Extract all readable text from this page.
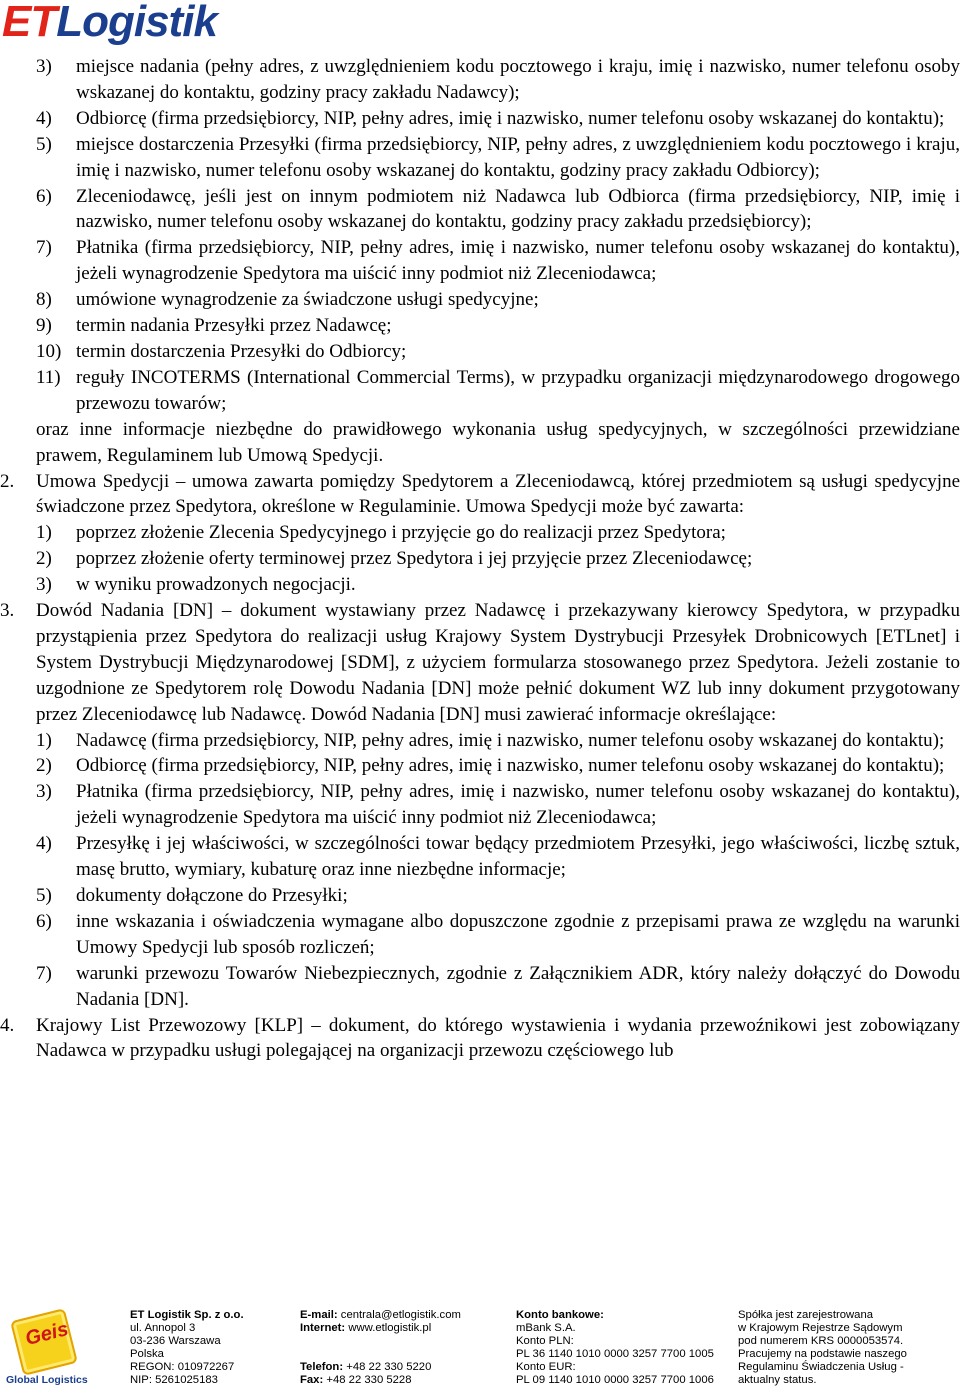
ETLogistik

3) miejsce nadania (pełny adres, z uwzględnieniem kodu pocztowego i kraju, imię i nazwisko, numer telefonu osoby wskazanej do kontaktu, godziny pracy zakładu Nadawcy);

4) Odbiorcę (firma przedsiębiorcy, NIP, pełny adres, imię i nazwisko, numer telefonu osoby wskazanej do kontaktu);

5) miejsce dostarczenia Przesyłki (firma przedsiębiorcy, NIP, pełny adres, z uwzględnieniem kodu pocztowego i kraju, imię i nazwisko, numer telefonu osoby wskazanej do kontaktu, godziny pracy zakładu Odbiorcy);

6) Zleceniodawcę, jeśli jest on innym podmiotem niż Nadawca lub Odbiorca (firma przedsiębiorcy, NIP, imię i nazwisko, numer telefonu osoby wskazanej do kontaktu, godziny pracy zakładu przedsiębiorcy);

7) Płatnika (firma przedsiębiorcy, NIP, pełny adres, imię i nazwisko, numer telefonu osoby wskazanej do kontaktu), jeżeli wynagrodzenie Spedytora ma uiścić inny podmiot niż Zleceniodawca;

8) umówione wynagrodzenie za świadczone usługi spedycyjne;

9) termin nadania Przesyłki przez Nadawcę;

10) termin dostarczenia Przesyłki do Odbiorcy;

11) reguły INCOTERMS (International Commercial Terms), w przypadku organizacji międzynarodowego drogowego przewozu towarów;

oraz inne informacje niezbędne do prawidłowego wykonania usług spedycyjnych, w szczególności przewidziane prawem, Regulaminem lub Umową Spedycji.

2. Umowa Spedycji – umowa zawarta pomiędzy Spedytorem a Zleceniodawcą, której przedmiotem są usługi spedycyjne świadczone przez Spedytora, określone w Regulaminie. Umowa Spedycji może być zawarta:

1) poprzez złożenie Zlecenia Spedycyjnego i przyjęcie go do realizacji przez Spedytora;

2) poprzez złożenie oferty terminowej przez Spedytora i jej przyjęcie przez Zleceniodawcę;

3) w wyniku prowadzonych negocjacji.

3. Dowód Nadania [DN] – dokument wystawiany przez Nadawcę i przekazywany kierowcy Spedytora, w przypadku przystąpienia przez Spedytora do realizacji usług Krajowy System Dystrybucji Przesyłek Drobnicowych [ETLnet] i System Dystrybucji Międzynarodowej [SDM], z użyciem formularza stosowanego przez Spedytora. Jeżeli zostanie to uzgodnione ze Spedytorem rolę Dowodu Nadania [DN] może pełnić dokument WZ lub inny dokument przygotowany przez Zleceniodawcę lub Nadawcę. Dowód Nadania [DN] musi zawierać informacje określające:

1) Nadawcę (firma przedsiębiorcy, NIP, pełny adres, imię i nazwisko, numer telefonu osoby wskazanej do kontaktu);

2) Odbiorcę (firma przedsiębiorcy, NIP, pełny adres, imię i nazwisko, numer telefonu osoby wskazanej do kontaktu);

3) Płatnika (firma przedsiębiorcy, NIP, pełny adres, imię i nazwisko, numer telefonu osoby wskazanej do kontaktu), jeżeli wynagrodzenie Spedytora ma uiścić inny podmiot niż Zleceniodawca;

4) Przesyłkę i jej właściwości, w szczególności towar będący przedmiotem Przesyłki, jego właściwości, liczbę sztuk, masę brutto, wymiary, kubaturę oraz inne niezbędne informacje;

5) dokumenty dołączone do Przesyłki;

6) inne wskazania i oświadczenia wymagane albo dopuszczone zgodnie z przepisami prawa ze względu na warunki Umowy Spedycji lub sposób rozliczeń;

7) warunki przewozu Towarów Niebezpiecznych, zgodnie z Załącznikiem ADR, który należy dołączyć do Dowodu Nadania [DN].

4. Krajowy List Przewozowy [KLP] – dokument, do którego wystawienia i wydania przewoźnikowi jest zobowiązany Nadawca w przypadku usługi polegającej na organizacji przewozu częściowego lub

Geis
Global Logistics
ET Logistik Sp. z o.o.
ul. Annopol 3
03-236 Warszawa
Polska
REGON: 010972267
NIP: 5261025183
E-mail: centrala@etlogistik.com
Internet: www.etlogistik.pl
Telefon: +48 22 330 5220
Fax: +48 22 330 5228
Konto bankowe:
mBank S.A.
Konto PLN:
PL 36 1140 1010 0000 3257 7700 1005
Konto EUR:
PL 09 1140 1010 0000 3257 7700 1006
Spółka jest zarejestrowana
w Krajowym Rejestrze Sądowym
pod numerem KRS 0000053574.
Pracujemy na podstawie naszego
Regulaminu Świadczenia Usług -
aktualny status.
